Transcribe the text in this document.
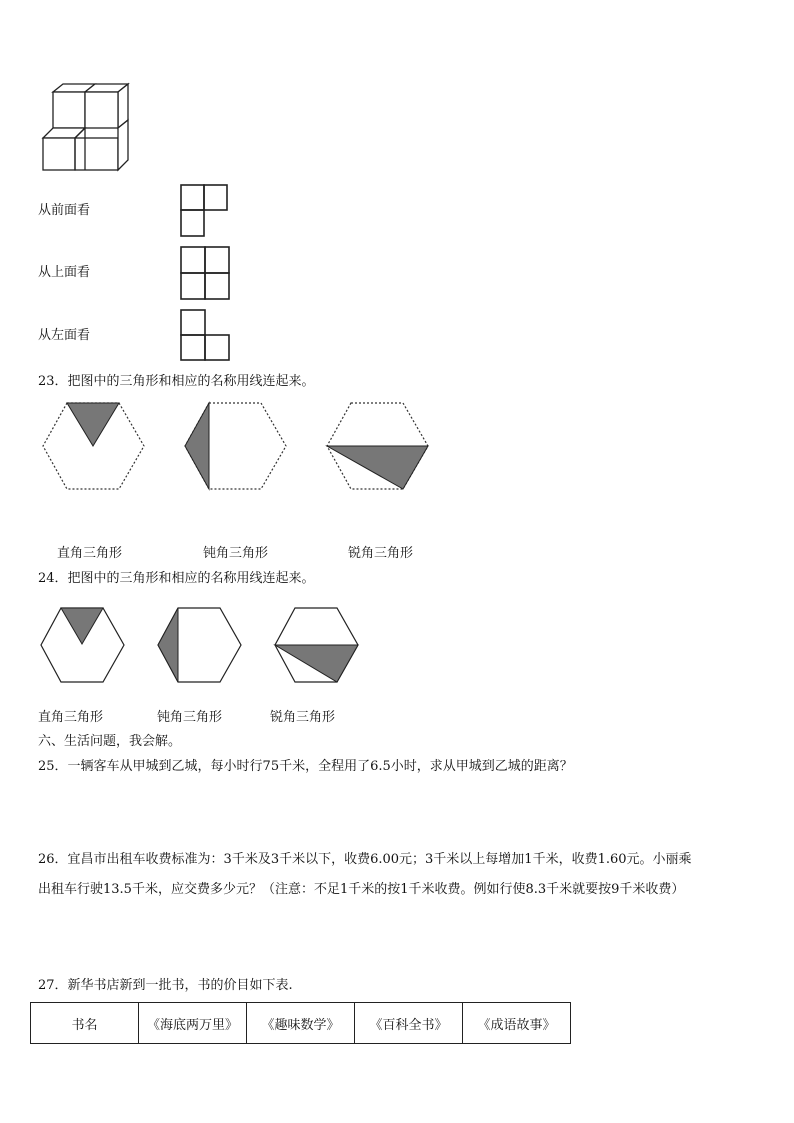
从前面看
从上面看
从左面看
23．把图中的三角形和相应的名称用线连起来。
直角三角形	钝角三角形	锐角三角形
24．把图中的三角形和相应的名称用线连起来。
直角三角形	钝角三角形	锐角三角形
六、生活问题，我会解。
25．一辆客车从甲城到乙城，每小时行75千米，全程用了6.5小时，求从甲城到乙城的距离？
26．宜昌市出租车收费标准为：3千米及3千米以下，收费6.00元；3千米以上每增加1千米，收费1.60元。小丽乘
出租车行驶13.5千米，应交费多少元？（注意：不足1千米的按1千米收费。例如行使8.3千米就要按9千米收费）
27．新华书店新到一批书，书的价目如下表.
书名	《海底两万里》	《趣味数学》	《百科全书》	《成语故事》
